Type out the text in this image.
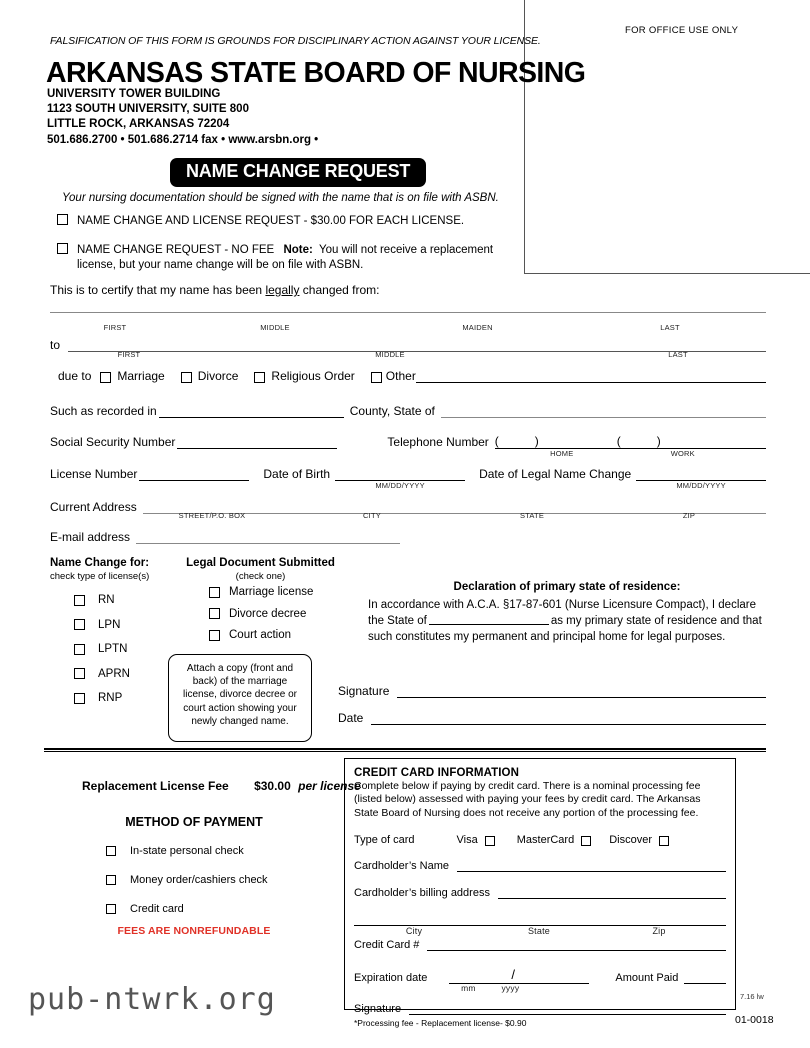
FOR OFFICE USE ONLY
FALSIFICATION OF THIS FORM IS GROUNDS FOR DISCIPLINARY ACTION AGAINST YOUR LICENSE.
ARKANSAS STATE BOARD OF NURSING
UNIVERSITY TOWER BUILDING
1123 SOUTH UNIVERSITY, SUITE 800
LITTLE ROCK, ARKANSAS 72204
501.686.2700 • 501.686.2714 fax • www.arsbn.org •
NAME CHANGE REQUEST
Your nursing documentation should be signed with the name that is on file with ASBN.
NAME CHANGE AND LICENSE REQUEST - $30.00 FOR EACH LICENSE.
NAME CHANGE REQUEST - NO FEE Note: You will not receive a replacement
license, but your name change will be on file with ASBN.
This is to certify that my name has been legally changed from:
FIRST	MIDDLE	MAIDEN	LAST
to
FIRST	MIDDLE	LAST
due to	Marriage	Divorce	Religious Order	Other
Such as recorded in	County, State of
Social Security Number	Telephone Number (	)	(	)
HOME	WORK
License Number	Date of Birth
MM/DD/YYYY
Date of Legal Name Change
MM/DD/YYYY
Current Address
STREET/P.O. BOX	CITY	STATE	ZIP
E-mail address
Name Change for:
check type of license(s)
RN
LPN
LPTN
APRN
RNP
Legal Document Submitted
(check one)
Marriage license
Divorce decree
Court action
Attach a copy (front and back) of the marriage license, divorce decree or court action showing your newly changed name.
Declaration of primary state of residence:
In accordance with A.C.A. §17-87-601 (Nurse Licensure Compact), I declare the State of	as my primary state of residence and that such constitutes my permanent and principal home for legal purposes.
Signature
Date
Replacement License Fee $30.00 per license
METHOD OF PAYMENT
In-state personal check
Money order/cashiers check
Credit card
FEES ARE NONREFUNDABLE
CREDIT CARD INFORMATION
Complete below if paying by credit card. There is a nominal processing fee (listed below) assessed with paying your fees by credit card. The Arkansas State Board of Nursing does not receive any portion of the processing fee.
Type of card	Visa	MasterCard	Discover
Cardholder’s Name
Cardholder’s billing address
City	State	Zip
Credit Card #
Expiration date	/
mm	yyyy
Amount Paid
Signature
*Processing fee - Replacement license- $0.90
pub-ntwrk.org	7.16 lw
01-0018
